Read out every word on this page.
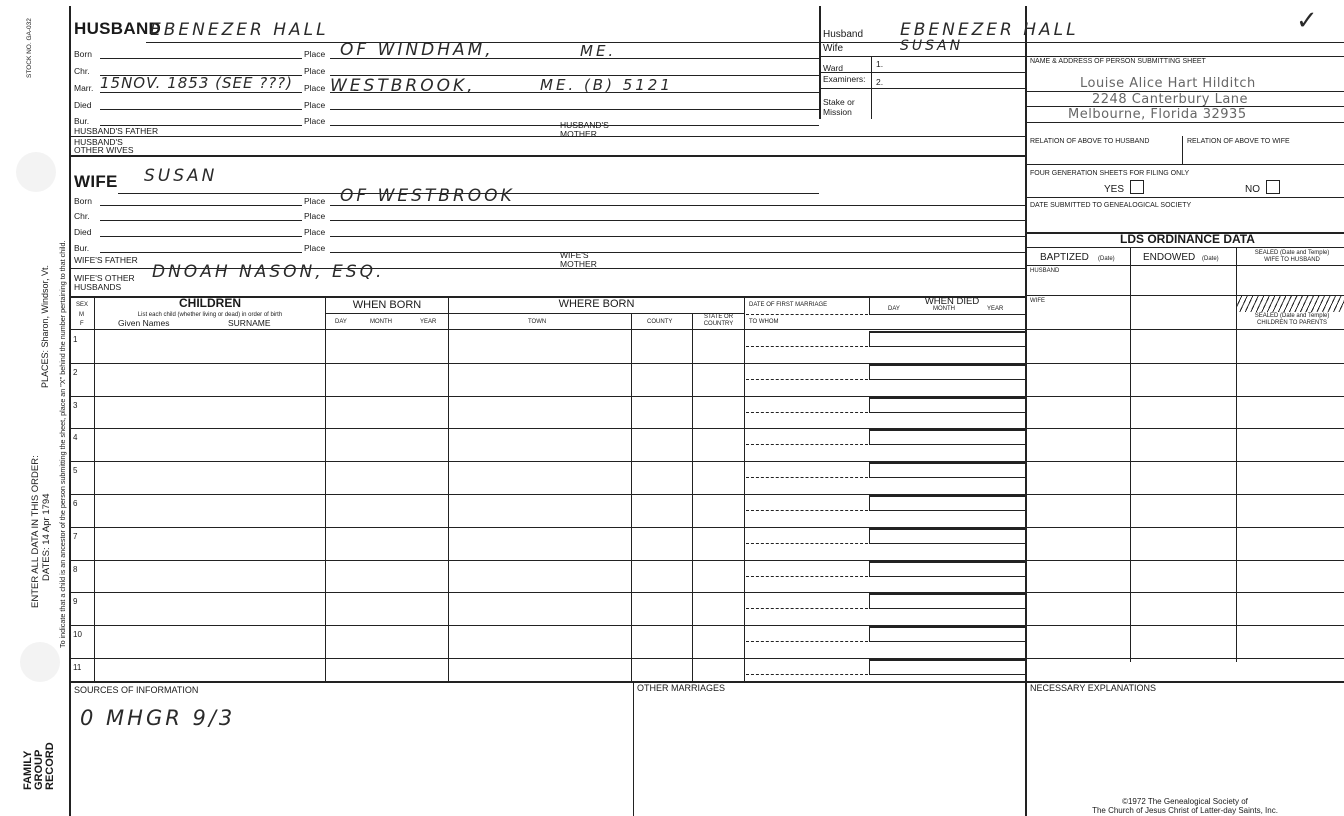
STOCK NO. GA-032
PLACES: Sharon, Windsor, Vt. To indicate that a child is an ancestor of the person submitting the sheet, place an "X" behind the number pertaining to that child.
ENTER ALL DATA IN THIS ORDER: DATES: 14 Apr 1794
FAMILY GROUP RECORD
HUSBAND
EBENEZER HALL
Born	Place OF WINDHAM,	ME.
Chr.	Place
Marr. 15NOV. 1853 (SEE ???) Place WESTBROOK,	ME. (B) 5121
Died	Place
Bur.	Place
HUSBAND'S FATHER
HUSBAND'S MOTHER
HUSBAND'S OTHER WIVES
Husband EBENEZER HALL
Wife	SUSAN
Ward	1.
Examiners: 2.
Stake or Mission
✓
NAME & ADDRESS OF PERSON SUBMITTING SHEET
Louise Alice Hart Hilditch
2248 Canterbury Lane
Melbourne, Florida 32935
RELATION OF ABOVE TO HUSBAND	RELATION OF ABOVE TO WIFE
FOUR GENERATION SHEETS FOR FILING ONLY
YES	NO
DATE SUBMITTED TO GENEALOGICAL SOCIETY
LDS ORDINANCE DATA
BAPTIZED (Date)	ENDOWED (Date)
SEALED (Date and Temple)
WIFE TO HUSBAND
HUSBAND
WIFE
SEALED (Date and Temple)
CHILDREN TO PARENTS
WIFE SUSAN
Born	Place OF WESTBROOK
Chr.	Place
Died	Place
Bur.	Place
WIFE'S FATHER	WIFE'S MOTHER
WIFE'S OTHER HUSBANDS
DNOAH NASON, ESQ.
SEX
M
F
CHILDREN
List each child (whether living or dead) in order of birth
Given Names	SURNAME
WHEN BORN
DAY	MONTH	YEAR
WHERE BORN
TOWN	COUNTY
STATE OR
COUNTRY
DATE OF FIRST MARRIAGE
TO WHOM
WHEN DIED
DAY	MONTH	YEAR
1
2
3
4
5
6
7
8
9
10
11
SOURCES OF INFORMATION
0 MHGR 9/3
OTHER MARRIAGES	NECESSARY EXPLANATIONS
©1972 The Genealogical Society of
The Church of Jesus Christ of Latter-day Saints, Inc.
